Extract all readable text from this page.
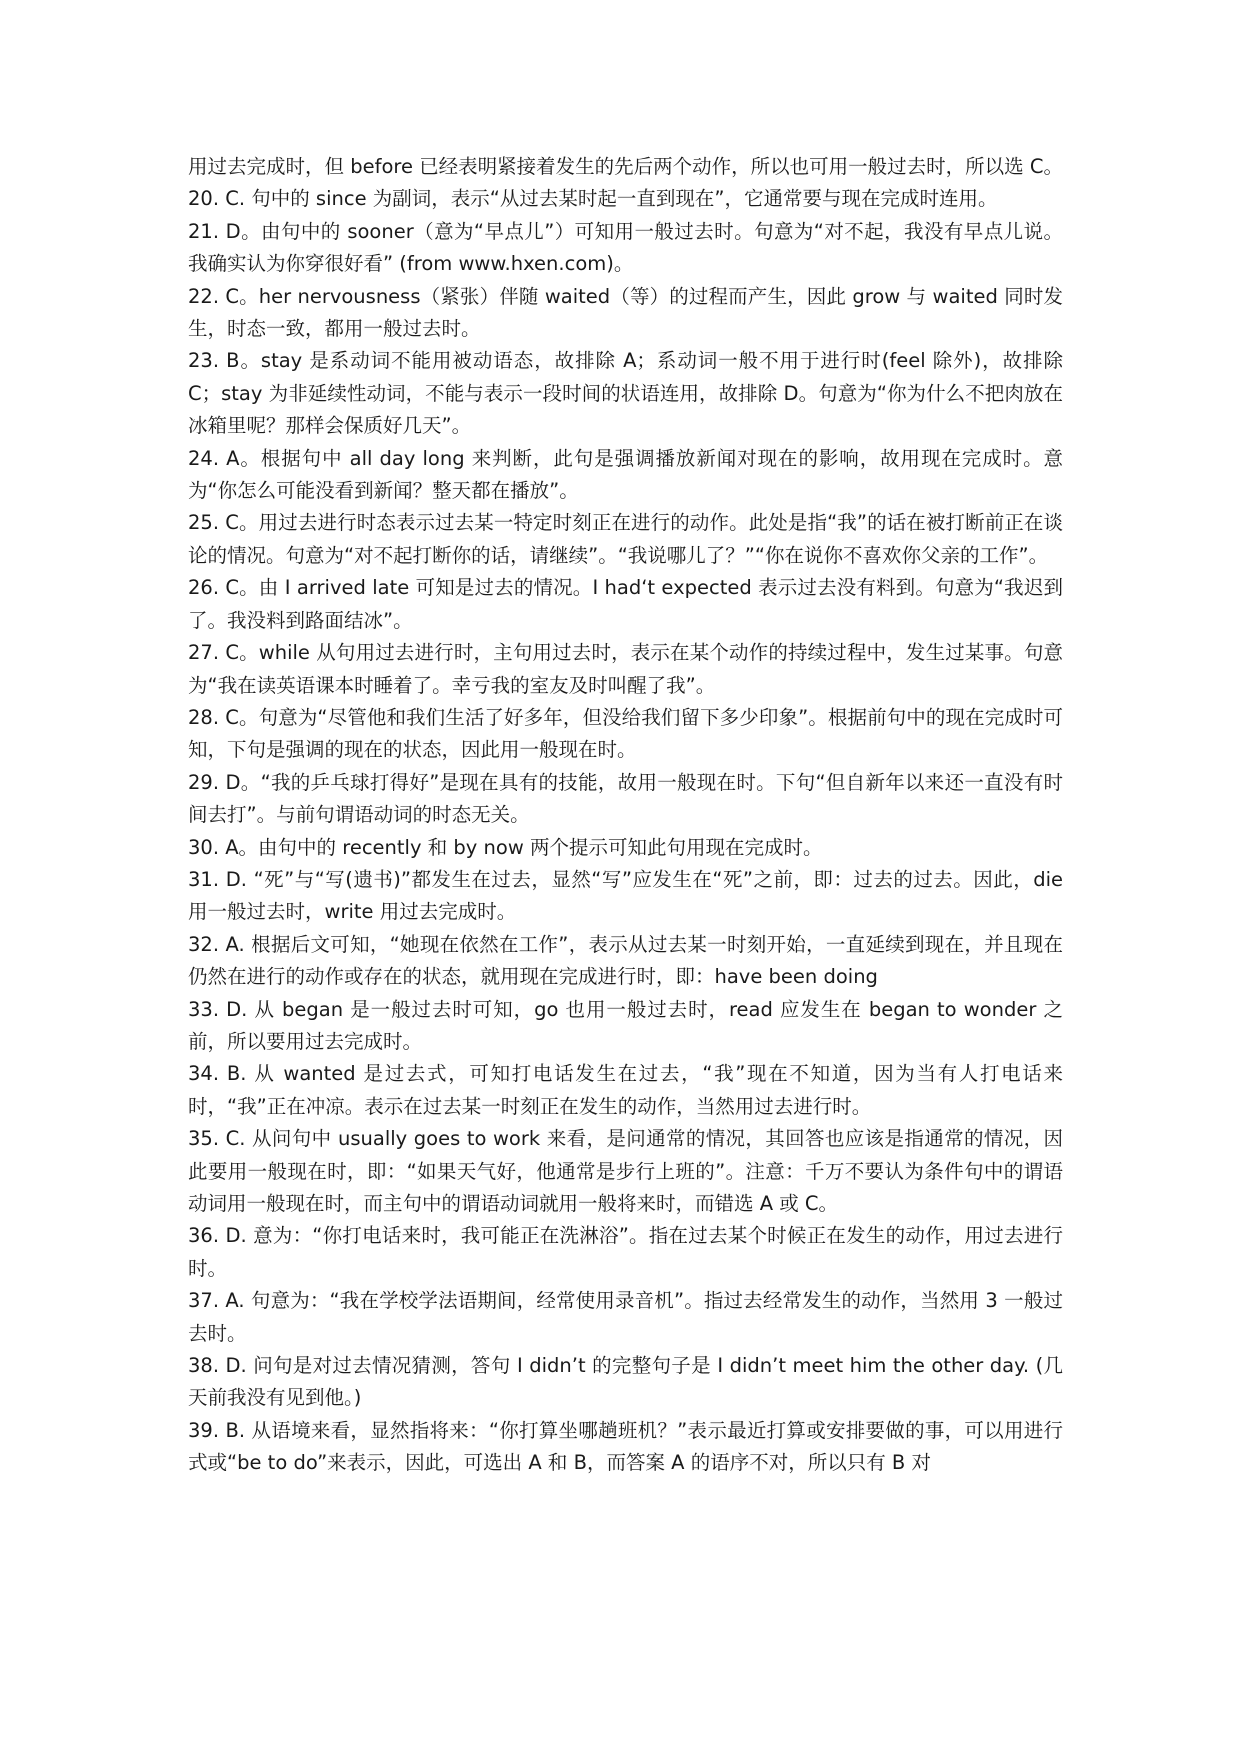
用过去完成时，但 before 已经表明紧接着发生的先后两个动作，所以也可用一般过去时，所以选 C。

20. C. 句中的 since 为副词，表示“从过去某时起一直到现在”，它通常要与现在完成时连用。

21. D。由句中的 sooner（意为“早点儿”）可知用一般过去时。句意为“对不起，我没有早点儿说。我确实认为你穿很好看” (from www.hxen.com)。

22. C。her nervousness（紧张）伴随 waited（等）的过程而产生，因此 grow 与 waited 同时发生，时态一致，都用一般过去时。

23. B。stay 是系动词不能用被动语态，故排除 A；系动词一般不用于进行时(feel 除外)，故排除 C；stay 为非延续性动词，不能与表示一段时间的状语连用，故排除 D。句意为“你为什么不把肉放在冰箱里呢？那样会保质好几天”。

24. A。根据句中 all day long 来判断，此句是强调播放新闻对现在的影响，故用现在完成时。意为“你怎么可能没看到新闻？整天都在播放”。

25. C。用过去进行时态表示过去某一特定时刻正在进行的动作。此处是指“我”的话在被打断前正在谈论的情况。句意为“对不起打断你的话，请继续”。“我说哪儿了？”“你在说你不喜欢你父亲的工作”。

26. C。由 I arrived late 可知是过去的情况。I had‘t expected 表示过去没有料到。句意为“我迟到了。我没料到路面结冰”。

27. C。while 从句用过去进行时，主句用过去时，表示在某个动作的持续过程中，发生过某事。句意为“我在读英语课本时睡着了。幸亏我的室友及时叫醒了我”。

28. C。句意为“尽管他和我们生活了好多年，但没给我们留下多少印象”。根据前句中的现在完成时可知，下句是强调的现在的状态，因此用一般现在时。

29. D。“我的乒乓球打得好”是现在具有的技能，故用一般现在时。下句“但自新年以来还一直没有时间去打”。与前句谓语动词的时态无关。

30. A。由句中的 recently 和 by now 两个提示可知此句用现在完成时。

31. D. “死”与“写(遗书)”都发生在过去，显然“写”应发生在“死”之前，即：过去的过去。因此，die 用一般过去时，write 用过去完成时。

32. A. 根据后文可知，“她现在依然在工作”，表示从过去某一时刻开始，一直延续到现在，并且现在仍然在进行的动作或存在的状态，就用现在完成进行时，即：have been doing

33. D. 从 began 是一般过去时可知，go 也用一般过去时，read 应发生在 began to wonder 之前，所以要用过去完成时。

34. B. 从 wanted 是过去式，可知打电话发生在过去，“我”现在不知道，因为当有人打电话来时，“我”正在冲凉。表示在过去某一时刻正在发生的动作，当然用过去进行时。

35. C. 从问句中 usually goes to work 来看，是问通常的情况，其回答也应该是指通常的情况，因此要用一般现在时，即：“如果天气好，他通常是步行上班的”。注意：千万不要认为条件句中的谓语动词用一般现在时，而主句中的谓语动词就用一般将来时，而错选 A 或 C。

36. D. 意为：“你打电话来时，我可能正在洗淋浴”。指在过去某个时候正在发生的动作，用过去进行时。

37. A. 句意为：“我在学校学法语期间，经常使用录音机”。指过去经常发生的动作，当然用 3 一般过去时。

38. D. 问句是对过去情况猜测，答句 I didn’t 的完整句子是 I didn’t meet him the other day. (几天前我没有见到他。)

39. B. 从语境来看，显然指将来：“你打算坐哪趟班机？”表示最近打算或安排要做的事，可以用进行式或“be to do”来表示，因此，可选出 A 和 B，而答案 A 的语序不对，所以只有 B 对
